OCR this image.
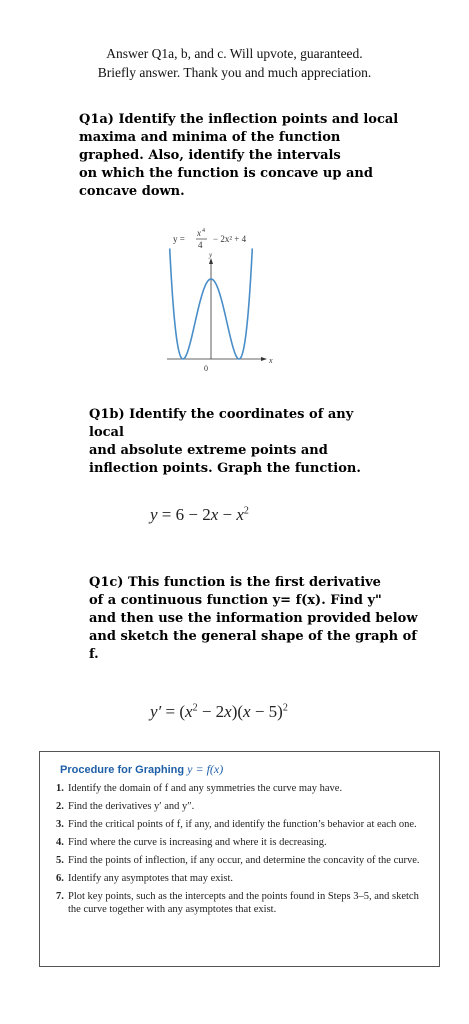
Answer Q1a, b, and c. Will upvote, guaranteed.
Briefly answer. Thank you and much appreciation.
Q1a) Identify the inflection points and local
maxima and minima of the function
graphed. Also, identify the intervals
on which the function is concave up and
concave down.
y =
x 4
4
− 2x² + 4
y
x
0
Q1b) Identify the coordinates of any local
and absolute extreme points and
inflection points. Graph the function.
$y = 6 - 2x - x^2$
Q1c) This function is the first derivative
of a continuous function y= f(x). Find y"
and then use the information provided below
and sketch the general shape of the graph of f.
$y' = (x^2 - 2x)(x - 5)^2$
Procedure for Graphing y = f(x)
1. Identify the domain of f and any symmetries the curve may have.
2. Find the derivatives y′ and y″.
3. Find the critical points of f, if any, and identify the function’s behavior at each one.
4. Find where the curve is increasing and where it is decreasing.
5. Find the points of inflection, if any occur, and determine the concavity of the curve.
6. Identify any asymptotes that may exist.
7. Plot key points, such as the intercepts and the points found in Steps 3–5, and sketch the curve together with any asymptotes that exist.
